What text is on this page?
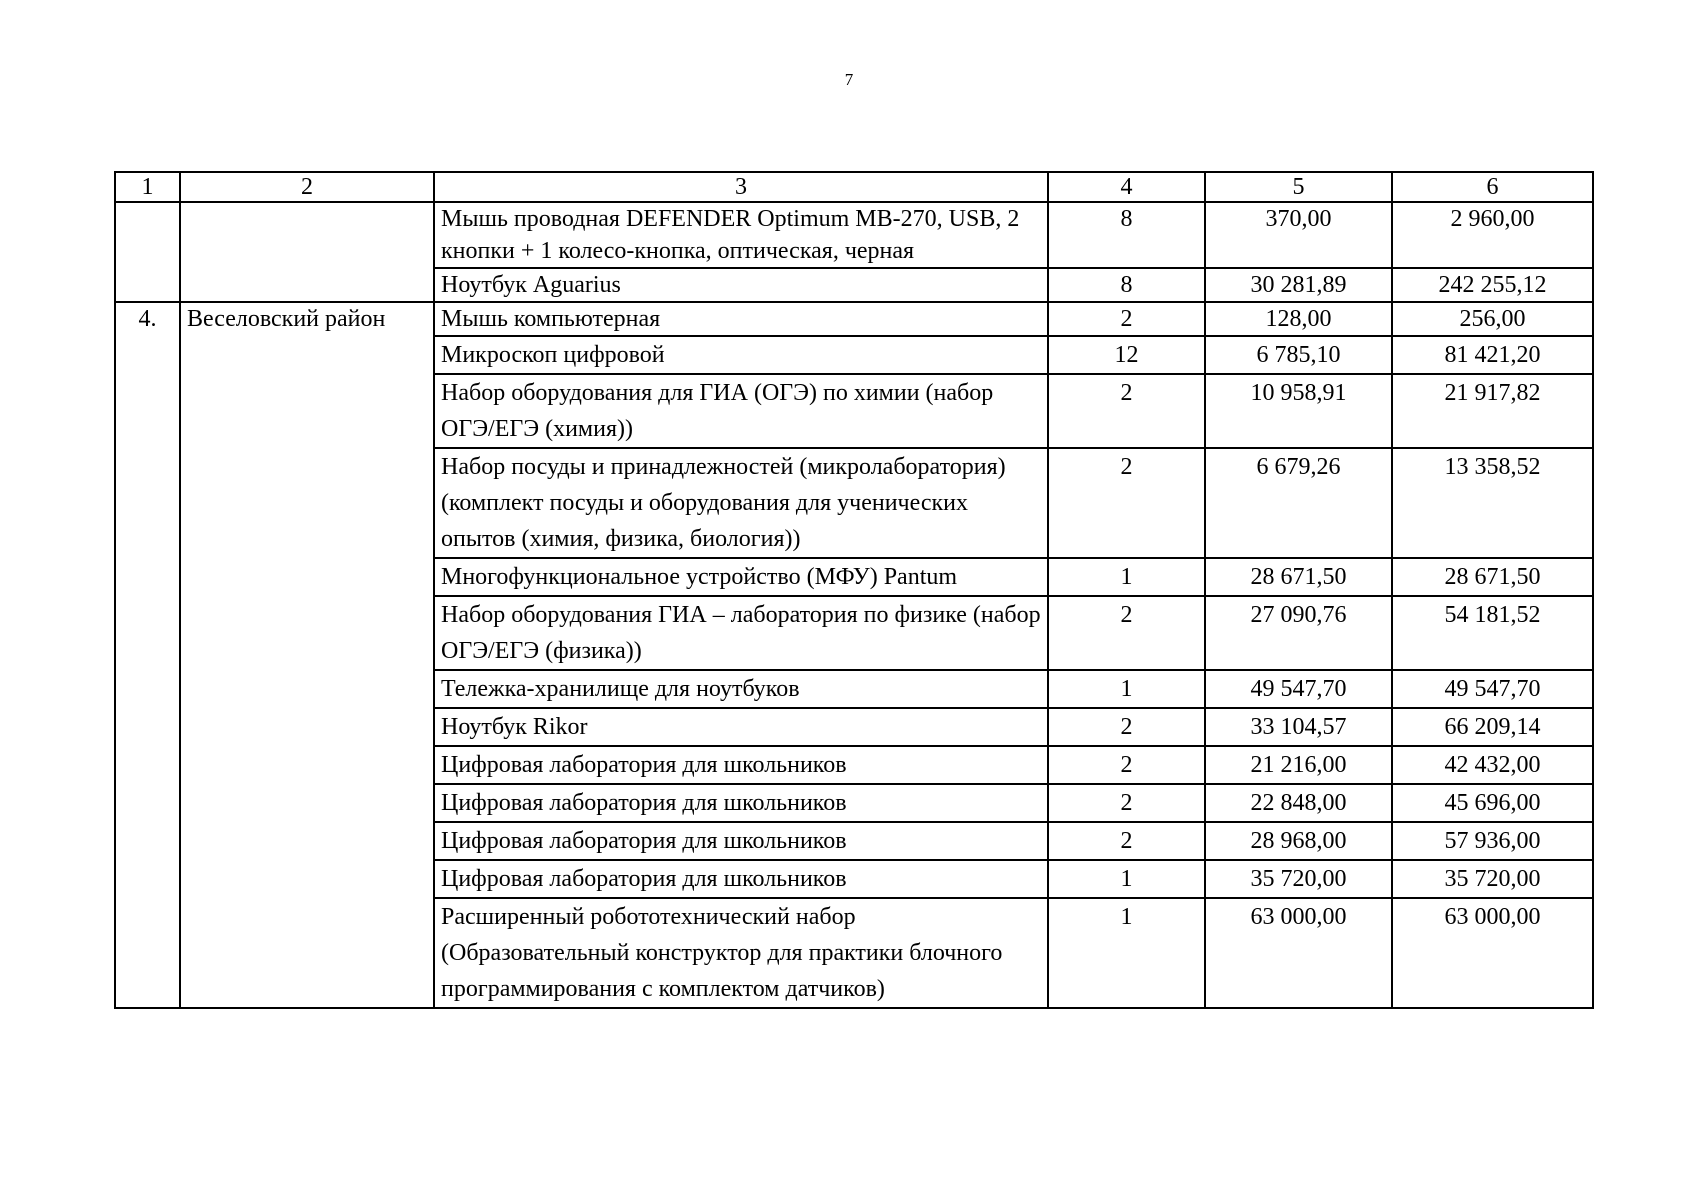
7
1	2	3	4	5	6
		Мышь проводная DEFENDER Optimum MB-270, USB, 2 кнопки + 1 колесо-кнопка, оптическая, черная	8	370,00	2 960,00
		Ноутбук Aguarius	8	30 281,89	242 255,12
4.	Веселовский район	Мышь компьютерная	2	128,00	256,00
		Микроскоп цифровой	12	6 785,10	81 421,20
		Набор оборудования для ГИА (ОГЭ) по химии (набор ОГЭ/ЕГЭ (химия))	2	10 958,91	21 917,82
		Набор посуды и принадлежностей (микролаборатория) (комплект посуды и оборудования для ученических опытов (химия, физика, биология))	2	6 679,26	13 358,52
		Многофункциональное устройство (МФУ) Pantum	1	28 671,50	28 671,50
		Набор оборудования ГИА – лаборатория по физике (набор ОГЭ/ЕГЭ (физика))	2	27 090,76	54 181,52
		Тележка-хранилище для ноутбуков	1	49 547,70	49 547,70
		Ноутбук Rikor	2	33 104,57	66 209,14
		Цифровая лаборатория для школьников	2	21 216,00	42 432,00
		Цифровая лаборатория для школьников	2	22 848,00	45 696,00
		Цифровая лаборатория для школьников	2	28 968,00	57 936,00
		Цифровая лаборатория для школьников	1	35 720,00	35 720,00
		Расширенный робототехнический набор (Образовательный конструктор для практики блочного программирования с комплектом датчиков)	1	63 000,00	63 000,00
